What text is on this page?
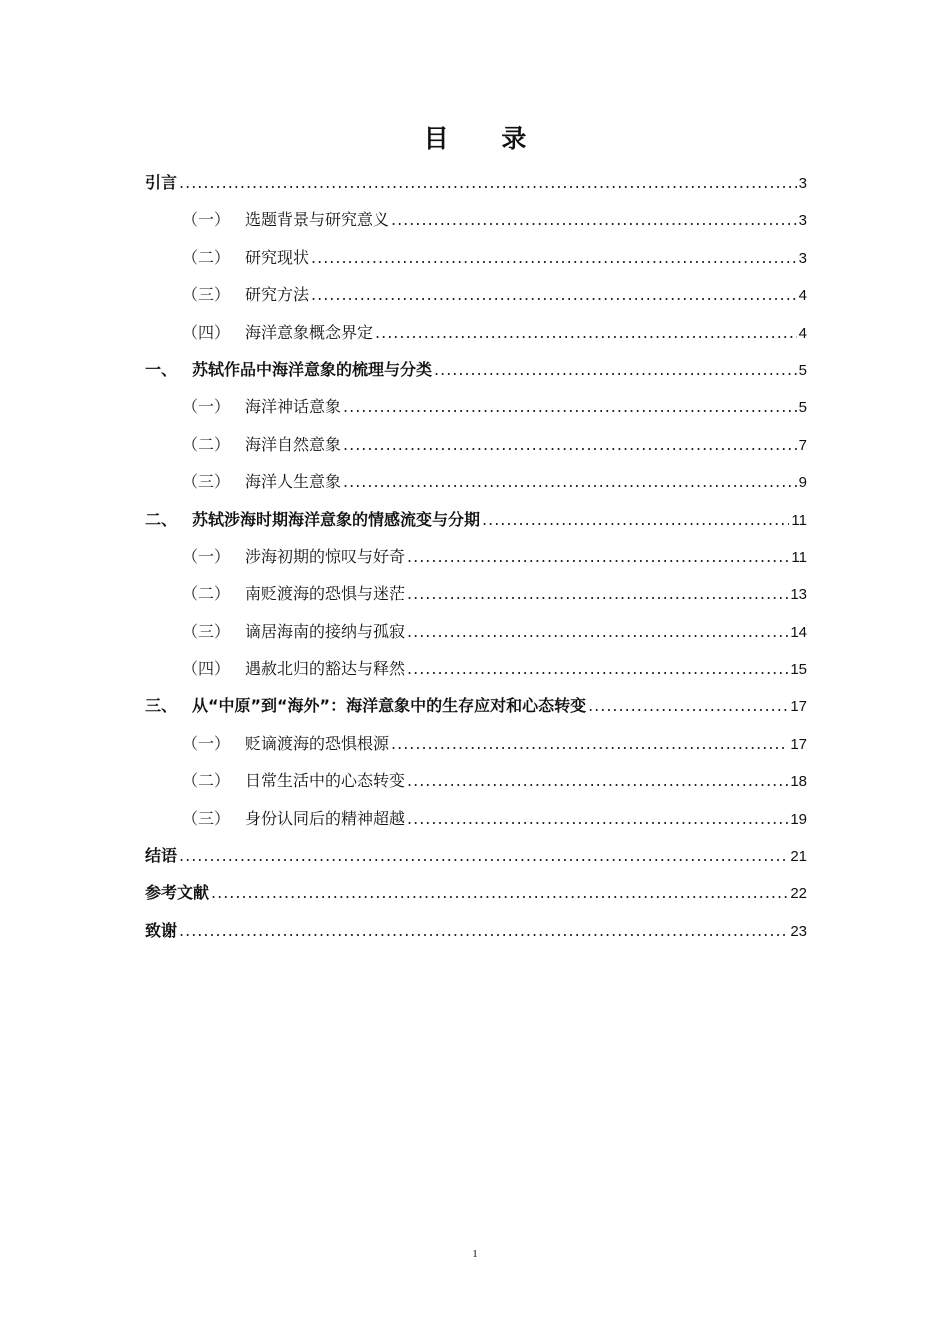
目 录
引言 .....	3
（一） 选题背景与研究意义 .....	3
（二） 研究现状 .....	3
（三） 研究方法 .....	4
（四） 海洋意象概念界定 .....	4
一、 苏轼作品中海洋意象的梳理与分类 .....	5
（一） 海洋神话意象 .....	5
（二） 海洋自然意象 .....	7
（三） 海洋人生意象 .....	9
二、 苏轼涉海时期海洋意象的情感流变与分期 .....	11
（一） 涉海初期的惊叹与好奇 .....	11
（二） 南贬渡海的恐惧与迷茫 .....	13
（三） 谪居海南的接纳与孤寂 .....	14
（四） 遇赦北归的豁达与释然 .....	15
三、 从“中原”到“海外”：海洋意象中的生存应对和心态转变 .....	17
（一） 贬谪渡海的恐惧根源 .....	17
（二） 日常生活中的心态转变 .....	18
（三） 身份认同后的精神超越 .....	19
结语 .....	21
参考文献 .....	22
致谢 .....	23
1
